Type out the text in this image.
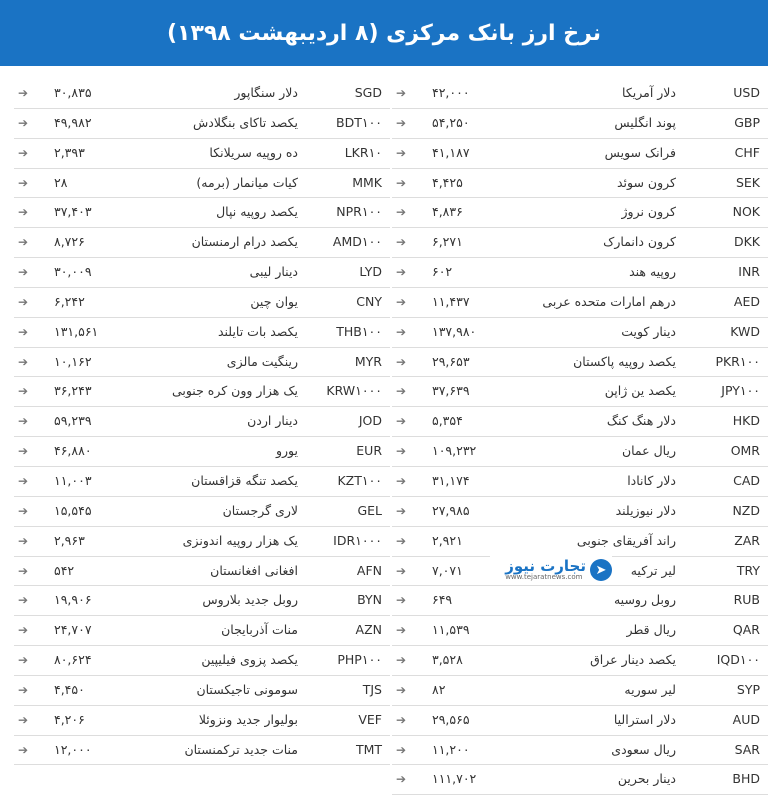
نرخ ارز بانک مرکزی (۸ اردیبهشت ۱۳۹۸)
USD
دلار آمریکا
۴۲,۰۰۰
➔
GBP
پوند انگلیس
۵۴,۲۵۰
➔
CHF
فرانک سویس
۴۱,۱۸۷
➔
SEK
کرون سوئد
۴,۴۲۵
➔
NOK
کرون نروژ
۴,۸۳۶
➔
DKK
کرون دانمارک
۶,۲۷۱
➔
INR
روپیه هند
۶۰۲
➔
AED
درهم امارات متحده عربی
۱۱,۴۳۷
➔
KWD
دینار کویت
۱۳۷,۹۸۰
➔
PKR۱۰۰
یکصد روپیه پاکستان
۲۹,۶۵۳
➔
JPY۱۰۰
یکصد ین ژاپن
۳۷,۶۳۹
➔
HKD
دلار هنگ کنگ
۵,۳۵۴
➔
OMR
ریال عمان
۱۰۹,۲۳۲
➔
CAD
دلار کانادا
۳۱,۱۷۴
➔
NZD
دلار نیوزیلند
۲۷,۹۸۵
➔
ZAR
راند آفریقای جنوبی
۲,۹۲۱
➔
TRY
لیر ترکیه
۷,۰۷۱
➔
RUB
روبل روسیه
۶۴۹
➔
QAR
ریال قطر
۱۱,۵۳۹
➔
IQD۱۰۰
یکصد دینار عراق
۳,۵۲۸
➔
SYP
لیر سوریه
۸۲
➔
AUD
دلار استرالیا
۲۹,۵۶۵
➔
SAR
ریال سعودی
۱۱,۲۰۰
➔
BHD
دینار بحرین
۱۱۱,۷۰۲
➔
SGD
دلار سنگاپور
۳۰,۸۳۵
➔
BDT۱۰۰
یکصد تاکای بنگلادش
۴۹,۹۸۲
➔
LKR۱۰
ده روپیه سریلانکا
۲,۳۹۳
➔
MMK
کیات میانمار (برمه)
۲۸
➔
NPR۱۰۰
یکصد روپیه نپال
۳۷,۴۰۳
➔
AMD۱۰۰
یکصد درام ارمنستان
۸,۷۲۶
➔
LYD
دینار لیبی
۳۰,۰۰۹
➔
CNY
یوان چین
۶,۲۴۲
➔
THB۱۰۰
یکصد بات تایلند
۱۳۱,۵۶۱
➔
MYR
رینگیت مالزی
۱۰,۱۶۲
➔
KRW۱۰۰۰
یک هزار وون کره جنوبی
۳۶,۲۴۳
➔
JOD
دینار اردن
۵۹,۲۳۹
➔
EUR
یورو
۴۶,۸۸۰
➔
KZT۱۰۰
یکصد تنگه قزاقستان
۱۱,۰۰۳
➔
GEL
لاری گرجستان
۱۵,۵۴۵
➔
IDR۱۰۰۰
یک هزار روپیه اندونزی
۲,۹۶۳
➔
AFN
افغانی افغانستان
۵۴۲
➔
BYN
روبل جدید بلاروس
۱۹,۹۰۶
➔
AZN
منات آذربایجان
۲۴,۷۰۷
➔
PHP۱۰۰
یکصد پزوی فیلیپین
۸۰,۶۲۴
➔
TJS
سومونی تاجیکستان
۴,۴۵۰
➔
VEF
بولیوار جدید ونزوئلا
۴,۲۰۶
➔
TMT
منات جدید ترکمنستان
۱۲,۰۰۰
➔
➤
تجارت نیوز
www.tejaratnews.com
